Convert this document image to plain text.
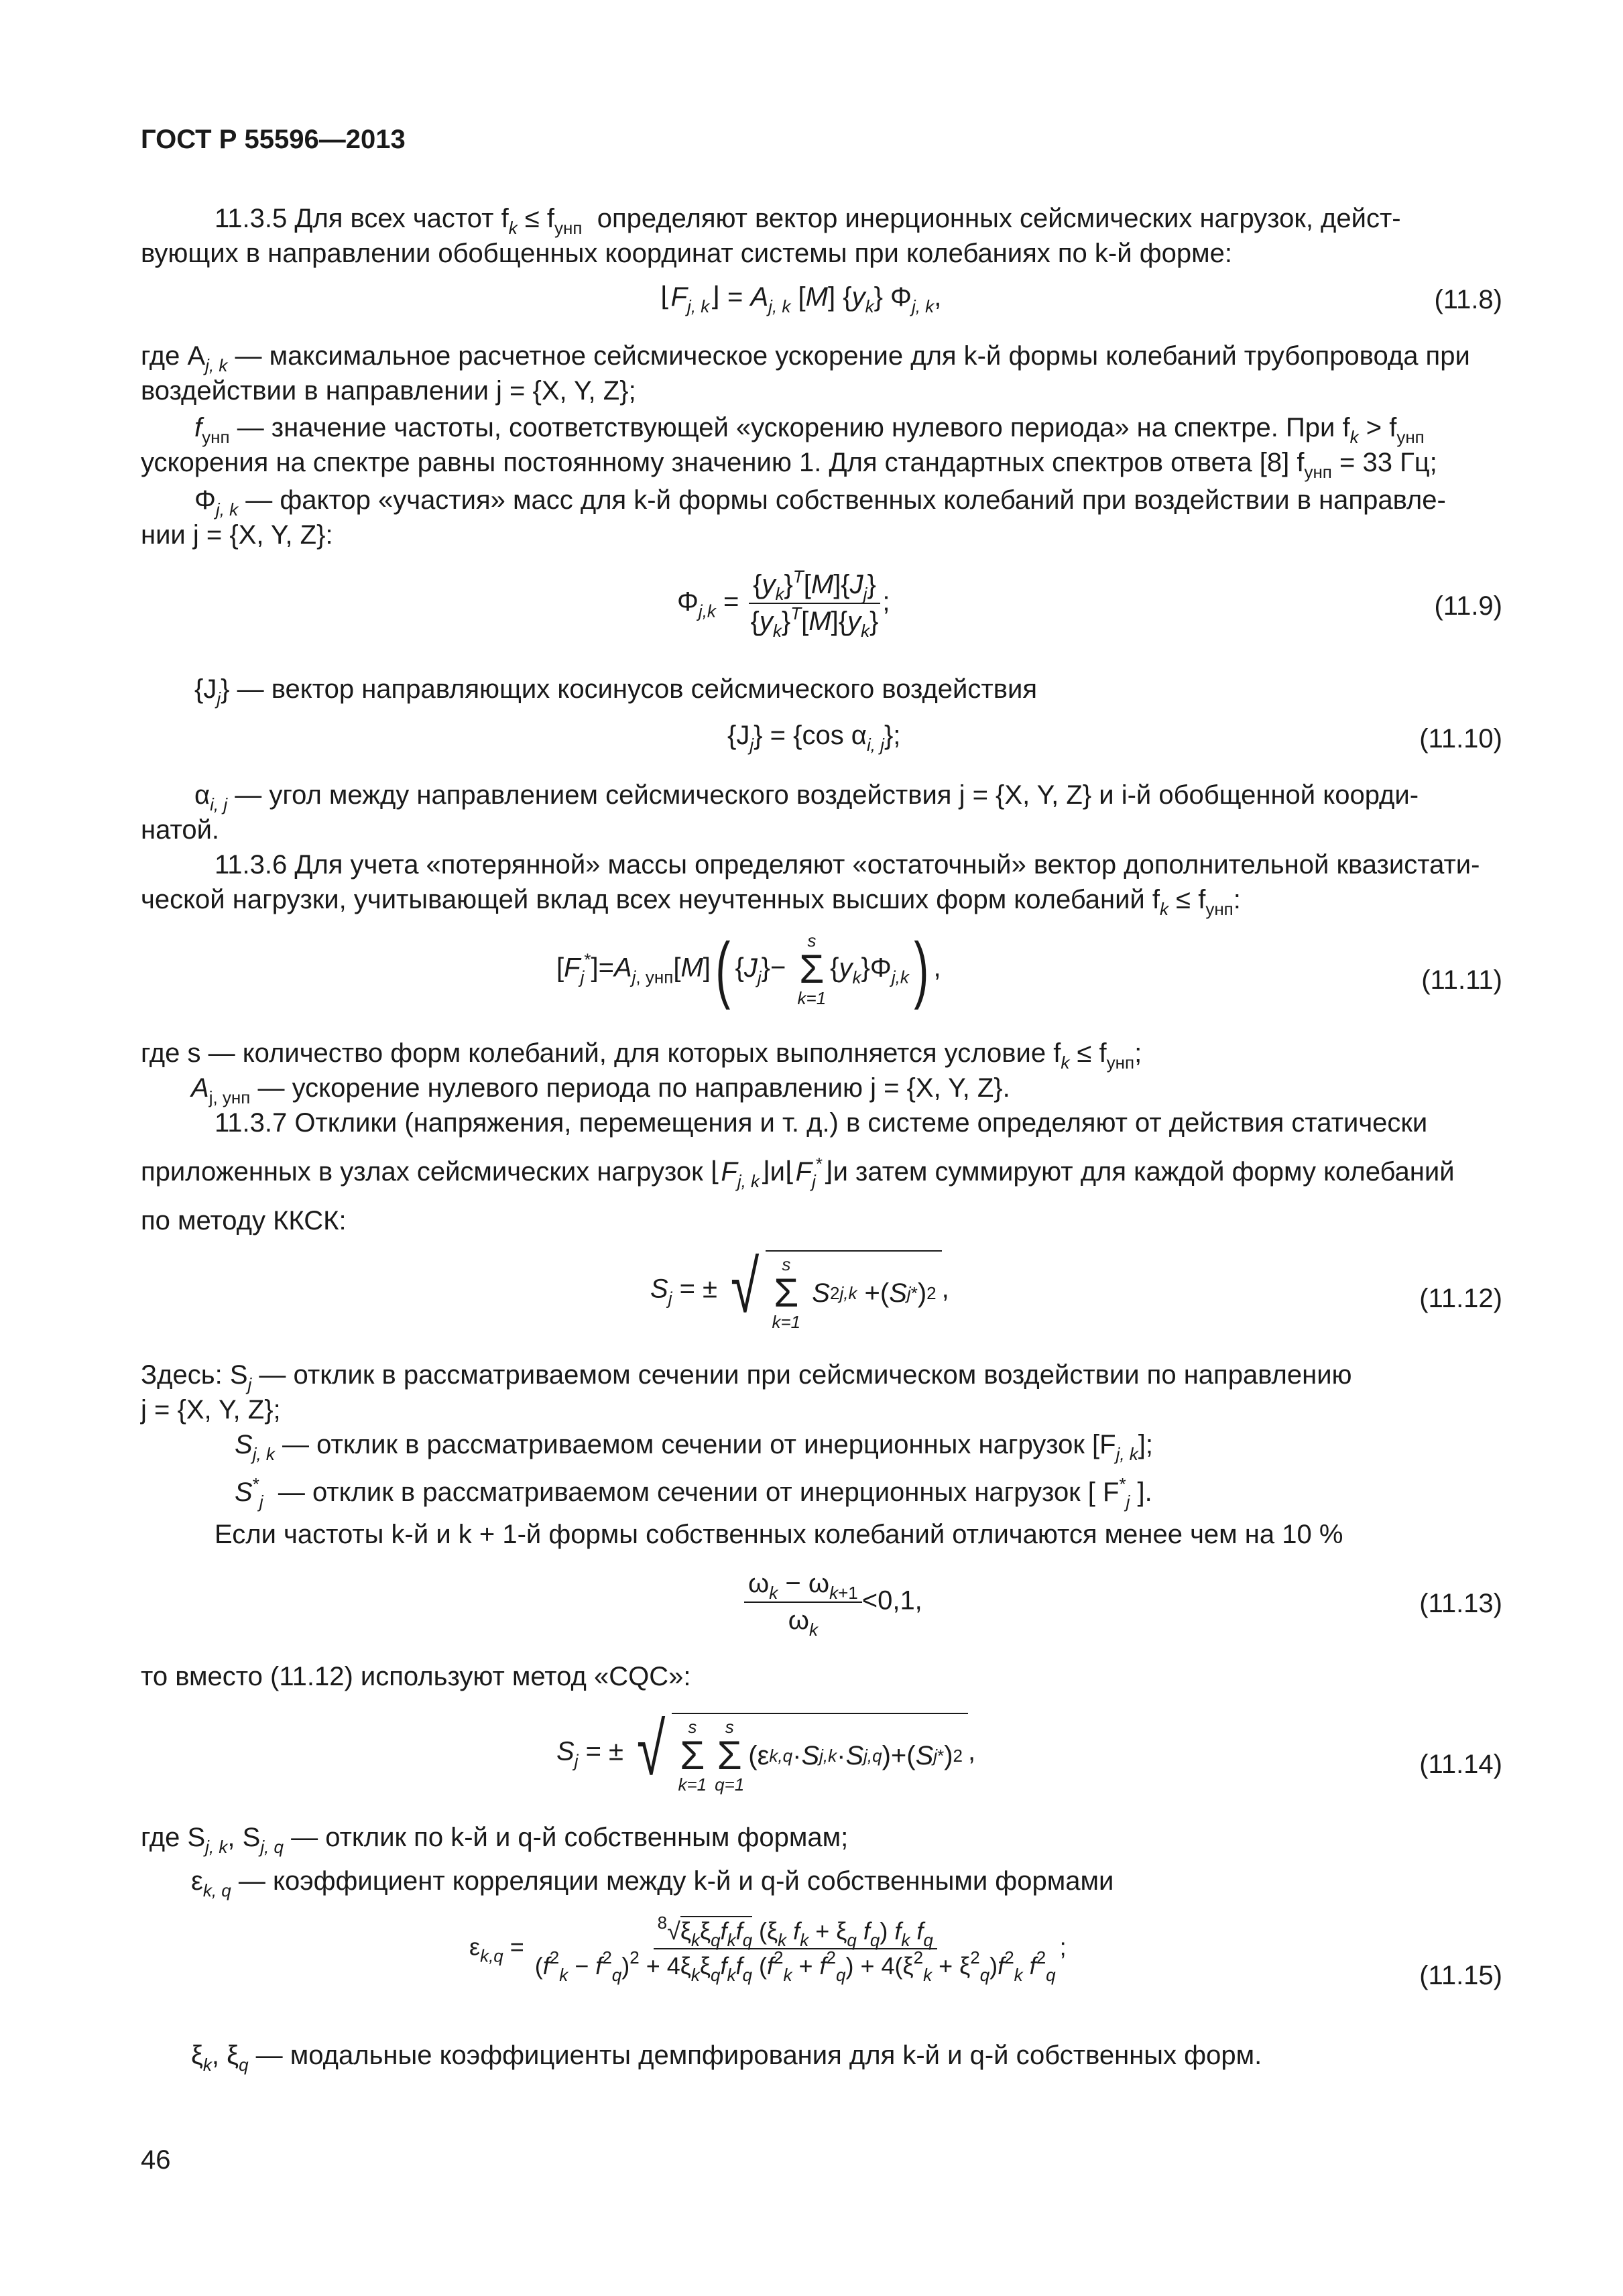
ГОСТ Р 55596—2013
11.3.5 Для всех частот $f_k \le f_{унп}$ определяют вектор инерционных сейсмических нагрузок, дейст-
вующих в направлении обобщенных координат системы при колебаниях по k-й форме:
$⌊F_{j, k}⌋ = A_{j, k}$ [M] $\{y_k\}$ $\Phi_{j, k}$,	(11.8)
где $A_{j, k}$ — максимальное расчетное сейсмическое ускорение для k-й формы колебаний трубопровода при
воздействии в направлении j = {X, Y, Z};
$f_{унп}$ — значение частоты, соответствующей «ускорению нулевого периода» на спектре. При $f_k > f_{унп}$
ускорения на спектре равны постоянному значению 1. Для стандартных спектров ответа [8] $f_{унп} = 33$ Гц;
$\Phi_{j, k}$ — фактор «участия» масс для k-й формы собственных колебаний при воздействии в направле-
нии j = {X, Y, Z}:
$\Phi_{j,k} = \frac{\{y_k\}^T[M]\{J_j\}}{\{y_k\}^T[M]\{y_k\}}$ ;	(11.9)
$\{J_j\}$ — вектор направляющих косинусов сейсмического воздействия
$\{J_j\} = \{\cos$ $\alpha_{i, j}$};	(11.10)
$\alpha_{i, j}$ — угол между направлением сейсмического воздействия j = {X, Y, Z} и i-й обобщенной коорди-
натой.
11.3.6 Для учета «потерянной» массы определяют «остаточный» вектор дополнительной квазистати-
ческой нагрузки, учитывающей вклад всех неучтенных высших форм колебаний $f_k \le f_{унп}$:
$[F_j^*]=A_{j, унп}[M]$( $\{J_j\}-$
s
Σ
k=1
$\{y_k\}\Phi_{j,k}$) ,	(11.11)
где s — количество форм колебаний, для которых выполняется условие $f_k \le f_{унп}$;
$A_{j, унп}$ — ускорение нулевого периода по направлению j = {X, Y, Z}.
11.3.7 Отклики (напряжения, перемещения и т. д.) в системе определяют от действия статически
приложенных в узлах сейсмических нагрузок $⌊F_{j, k}⌋и⌊F_j^*⌋и$ затем суммируют для каждой форму колебаний
по методу ККСК:
$S_j$ = ± √ s
Σ
k=1

S 2 j,k +( S j * ) 2 ,	(11.12)
Здесь: $S_j$ — отклик в рассматриваемом сечении при сейсмическом воздействии по направлению
j = {X, Y, Z};
$S_{j, k}$ — отклик в рассматриваемом сечении от инерционных нагрузок $[F_{j, k}]$;
$S^*_j$ — отклик в рассматриваемом сечении от инерционных нагрузок [ $F^*_j$ ].
Если частоты k-й и k + 1-й формы собственных колебаний отличаются менее чем на 10 %
$\frac{\omega_k - \omega_{k+1}}{\omega_k} <0,1$,	(11.13)
то вместо (11.12) используют метод «CQC»:
$S_j$ = ± √ s
Σ
k=1
s
Σ
q=1
(ε k,q · S j,k · S j,q )+( S j * ) 2 ,	(11.14)
где $S_{j, k}$, $S_{j, q}$ — отклик по k-й и q-й собственным формам;
$\varepsilon_{k, q}$ — коэффициент корреляции между k-й и q-й собственными формами
$\varepsilon_{k,q} = \frac{^8√\xi_k\xi_qf_kf_q (\xi_k f_k + \xi_q f_q) f_k f_q}{(f^2_k - f^2_q)^2 + 4\xi_k\xi_qf_kf_q (f^2_k + f^2_q) + 4(\xi^2_k + \xi^2_q)f^2_k f^2_q}$ ;
(11.15)
$\xi_k$, $\xi_q$ — модальные коэффициенты демпфирования для k-й и q-й собственных форм.
46
